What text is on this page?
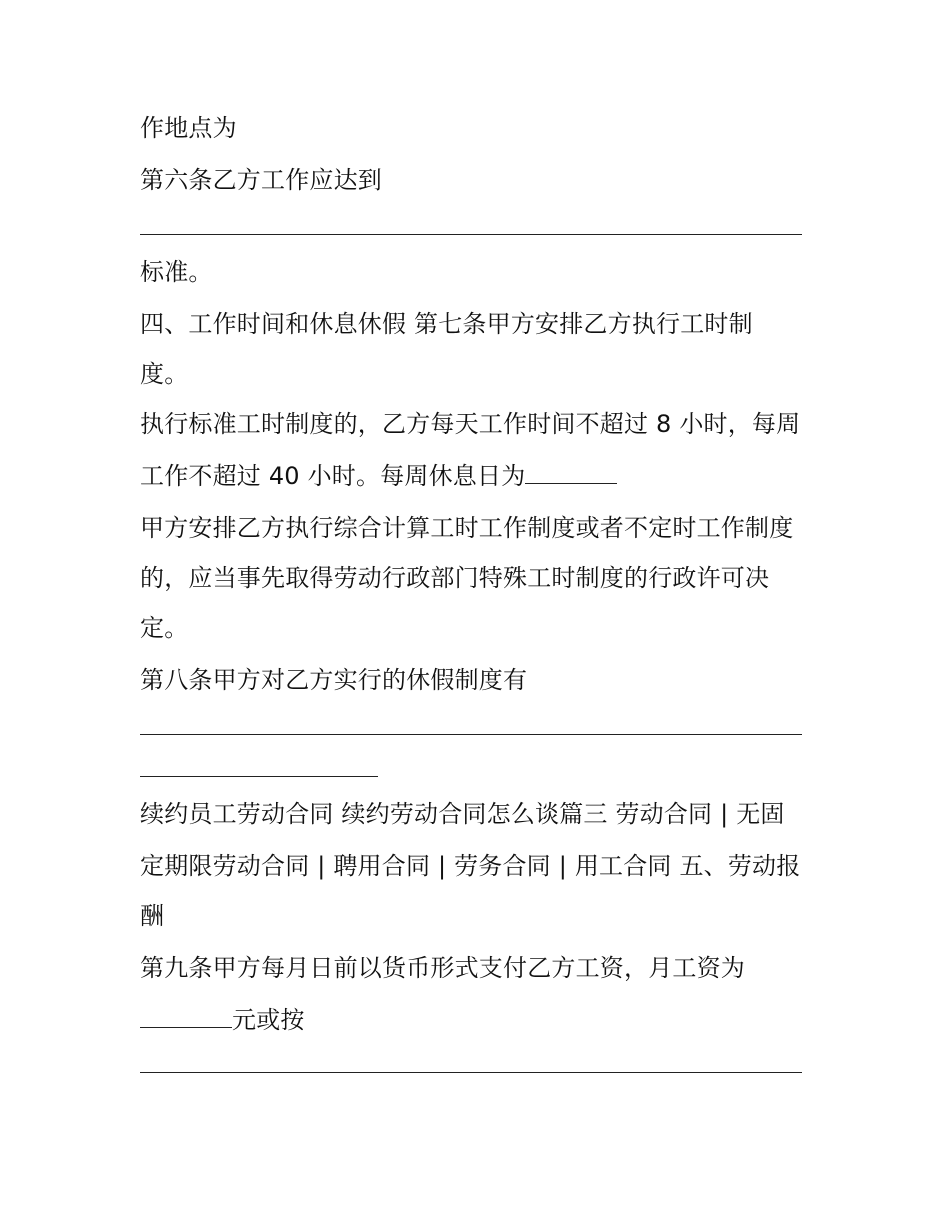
作地点为
第六条乙方工作应达到
标准。
四、工作时间和休息休假 第七条甲方安排乙方执行工时制
度。
执行标准工时制度的，乙方每天工作时间不超过 8 小时，每周
工作不超过 40 小时。每周休息日为
甲方安排乙方执行综合计算工时工作制度或者不定时工作制度
的，应当事先取得劳动行政部门特殊工时制度的行政许可决
定。
第八条甲方对乙方实行的休假制度有
续约员工劳动合同 续约劳动合同怎么谈篇三 劳动合同 | 无固
定期限劳动合同 | 聘用合同 | 劳务合同 | 用工合同 五、劳动报
酬
第九条甲方每月日前以货币形式支付乙方工资，月工资为
元或按
